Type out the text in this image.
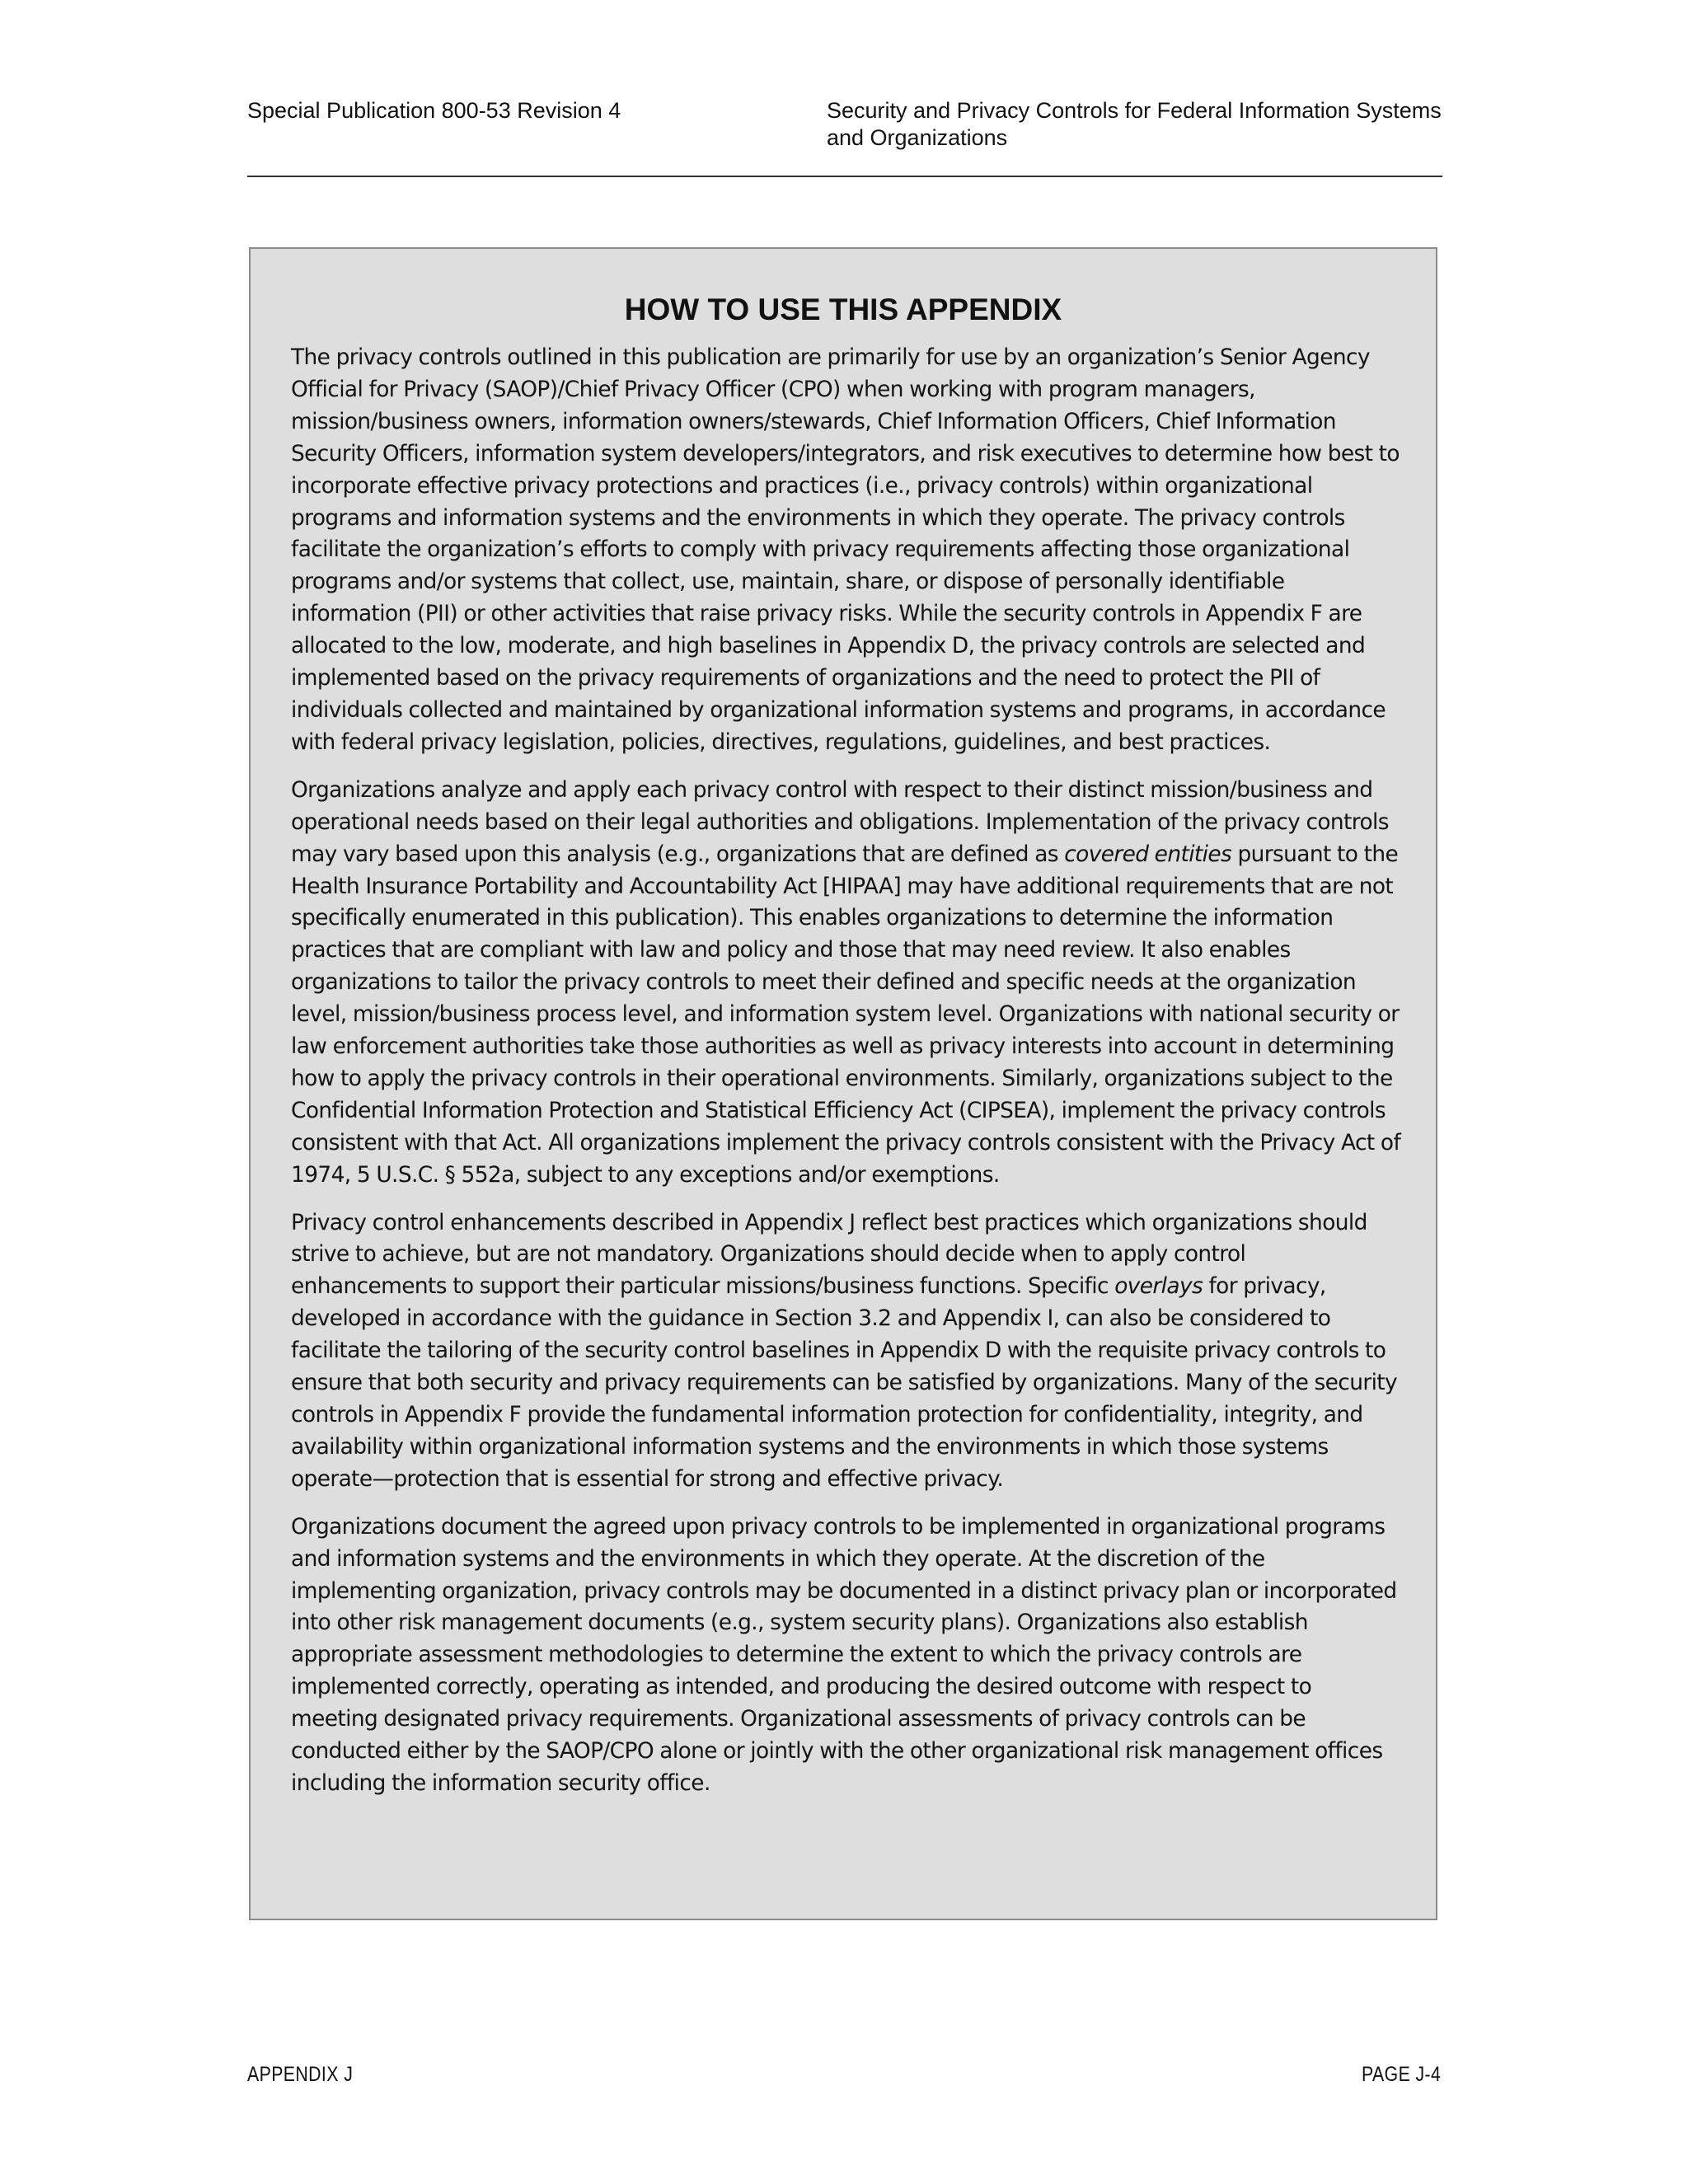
Special Publication 800-53 Revision 4	Security and Privacy Controls for Federal Information Systems
and Organizations
HOW TO USE THIS APPENDIX

The privacy controls outlined in this publication are primarily for use by an organization’s Senior Agency Official for Privacy (SAOP)/Chief Privacy Officer (CPO) when working with program managers, mission/business owners, information owners/stewards, Chief Information Officers, Chief Information Security Officers, information system developers/integrators, and risk executives to determine how best to incorporate effective privacy protections and practices (i.e., privacy controls) within organizational programs and information systems and the environments in which they operate. The privacy controls facilitate the organization’s efforts to comply with privacy requirements affecting those organizational programs and/or systems that collect, use, maintain, share, or dispose of personally identifiable information (PII) or other activities that raise privacy risks. While the security controls in Appendix F are allocated to the low, moderate, and high baselines in Appendix D, the privacy controls are selected and implemented based on the privacy requirements of organizations and the need to protect the PII of individuals collected and maintained by organizational information systems and programs, in accordance with federal privacy legislation, policies, directives, regulations, guidelines, and best practices.

Organizations analyze and apply each privacy control with respect to their distinct mission/business and operational needs based on their legal authorities and obligations. Implementation of the privacy controls may vary based upon this analysis (e.g., organizations that are defined as covered entities pursuant to the Health Insurance Portability and Accountability Act [HIPAA] may have additional requirements that are not specifically enumerated in this publication). This enables organizations to determine the information practices that are compliant with law and policy and those that may need review. It also enables organizations to tailor the privacy controls to meet their defined and specific needs at the organization level, mission/business process level, and information system level. Organizations with national security or law enforcement authorities take those authorities as well as privacy interests into account in determining how to apply the privacy controls in their operational environments. Similarly, organizations subject to the Confidential Information Protection and Statistical Efficiency Act (CIPSEA), implement the privacy controls consistent with that Act. All organizations implement the privacy controls consistent with the Privacy Act of 1974, 5 U.S.C. § 552a, subject to any exceptions and/or exemptions.

Privacy control enhancements described in Appendix J reflect best practices which organizations should strive to achieve, but are not mandatory. Organizations should decide when to apply control enhancements to support their particular missions/business functions. Specific overlays for privacy, developed in accordance with the guidance in Section 3.2 and Appendix I, can also be considered to facilitate the tailoring of the security control baselines in Appendix D with the requisite privacy controls to ensure that both security and privacy requirements can be satisfied by organizations. Many of the security controls in Appendix F provide the fundamental information protection for confidentiality, integrity, and availability within organizational information systems and the environments in which those systems operate—protection that is essential for strong and effective privacy.

Organizations document the agreed upon privacy controls to be implemented in organizational programs and information systems and the environments in which they operate. At the discretion of the implementing organization, privacy controls may be documented in a distinct privacy plan or incorporated into other risk management documents (e.g., system security plans). Organizations also establish appropriate assessment methodologies to determine the extent to which the privacy controls are implemented correctly, operating as intended, and producing the desired outcome with respect to meeting designated privacy requirements. Organizational assessments of privacy controls can be conducted either by the SAOP/CPO alone or jointly with the other organizational risk management offices including the information security office.

APPENDIX J	PAGE J-4
